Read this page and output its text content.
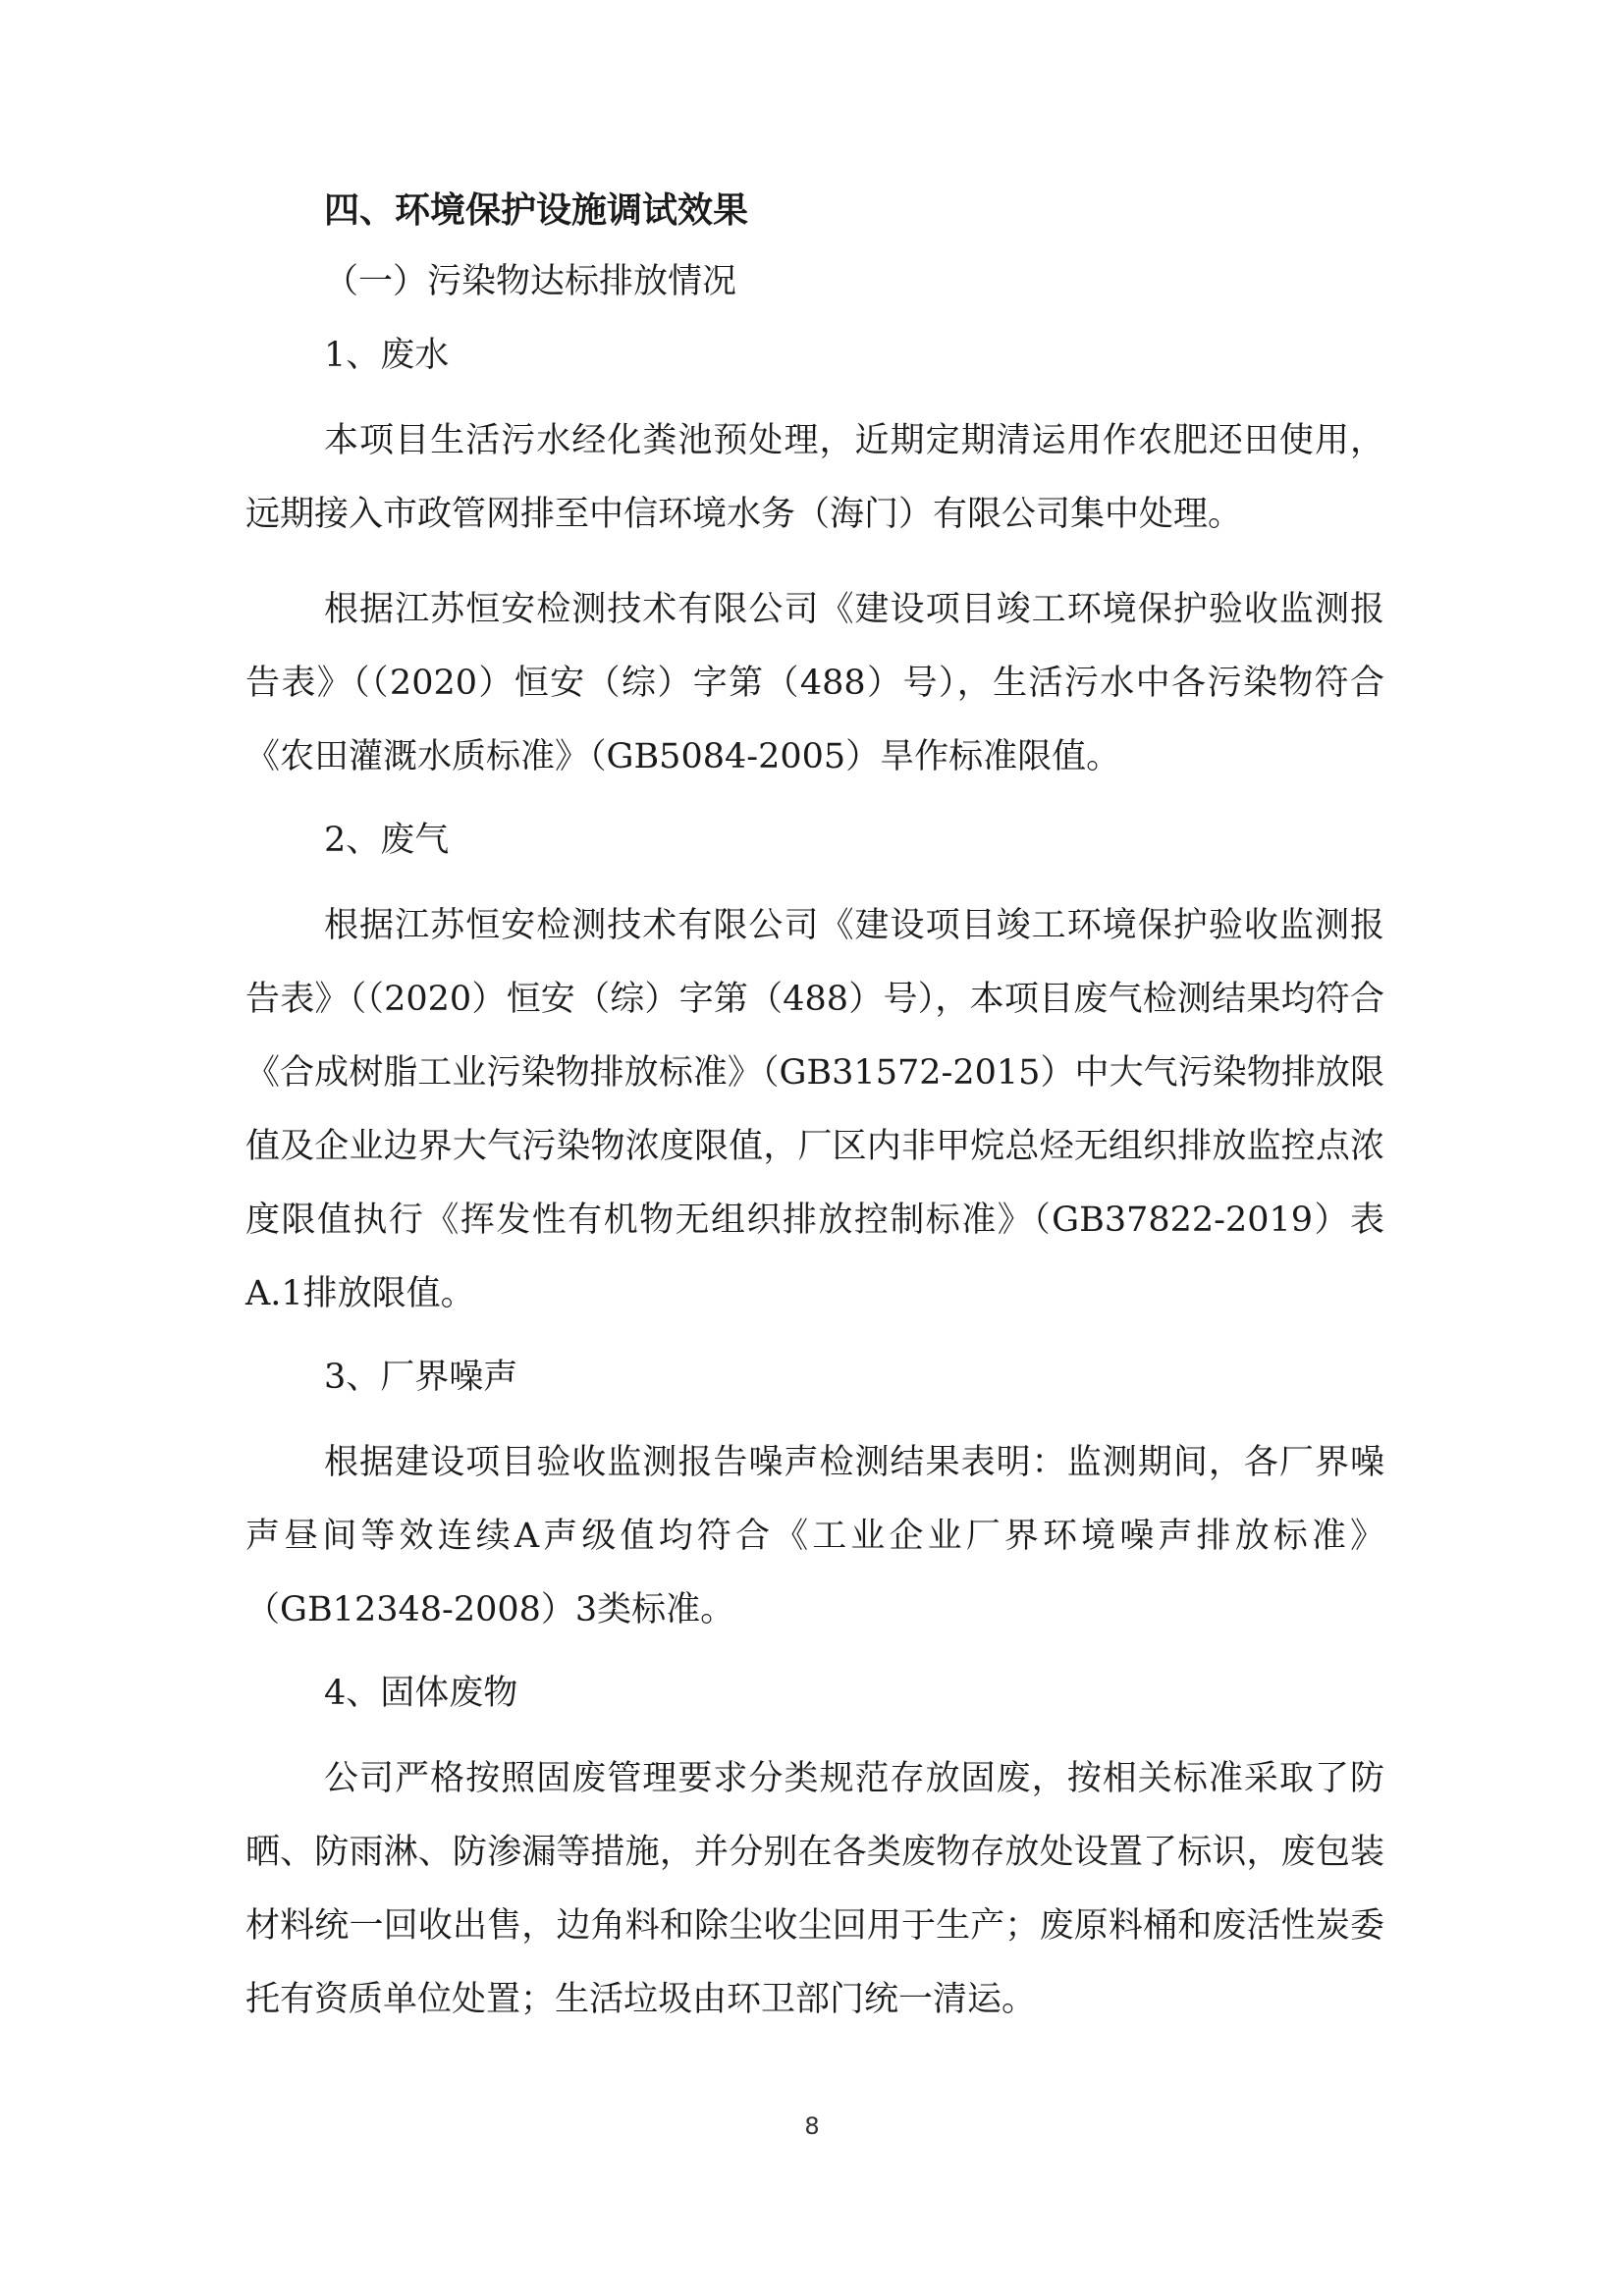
四、环境保护设施调试效果
（一）污染物达标排放情况
1、废水

本项目生活污水经化粪池预处理，近期定期清运用作农肥还田使用，远期接入市政管网排至中信环境水务（海门）有限公司集中处理。

根据江苏恒安检测技术有限公司《建设项目竣工环境保护验收监测报告表》（（2020）恒安（综）字第（488）号），生活污水中各污染物符合《农田灌溉水质标准》（GB5084-2005）旱作标准限值。

2、废气

根据江苏恒安检测技术有限公司《建设项目竣工环境保护验收监测报告表》（（2020）恒安（综）字第（488）号），本项目废气检测结果均符合《合成树脂工业污染物排放标准》（GB31572-2015）中大气污染物排放限值及企业边界大气污染物浓度限值，厂区内非甲烷总烃无组织排放监控点浓度限值执行《挥发性有机物无组织排放控制标准》（GB37822-2019）表A.1排放限值。

3、厂界噪声

根据建设项目验收监测报告噪声检测结果表明：监测期间，各厂界噪声昼间等效连续A声级值均符合《工业企业厂界环境噪声排放标准》（GB12348-2008）3类标准。

4、固体废物

公司严格按照固废管理要求分类规范存放固废，按相关标准采取了防晒、防雨淋、防渗漏等措施，并分别在各类废物存放处设置了标识，废包装材料统一回收出售，边角料和除尘收尘回用于生产；废原料桶和废活性炭委托有资质单位处置；生活垃圾由环卫部门统一清运。

8
